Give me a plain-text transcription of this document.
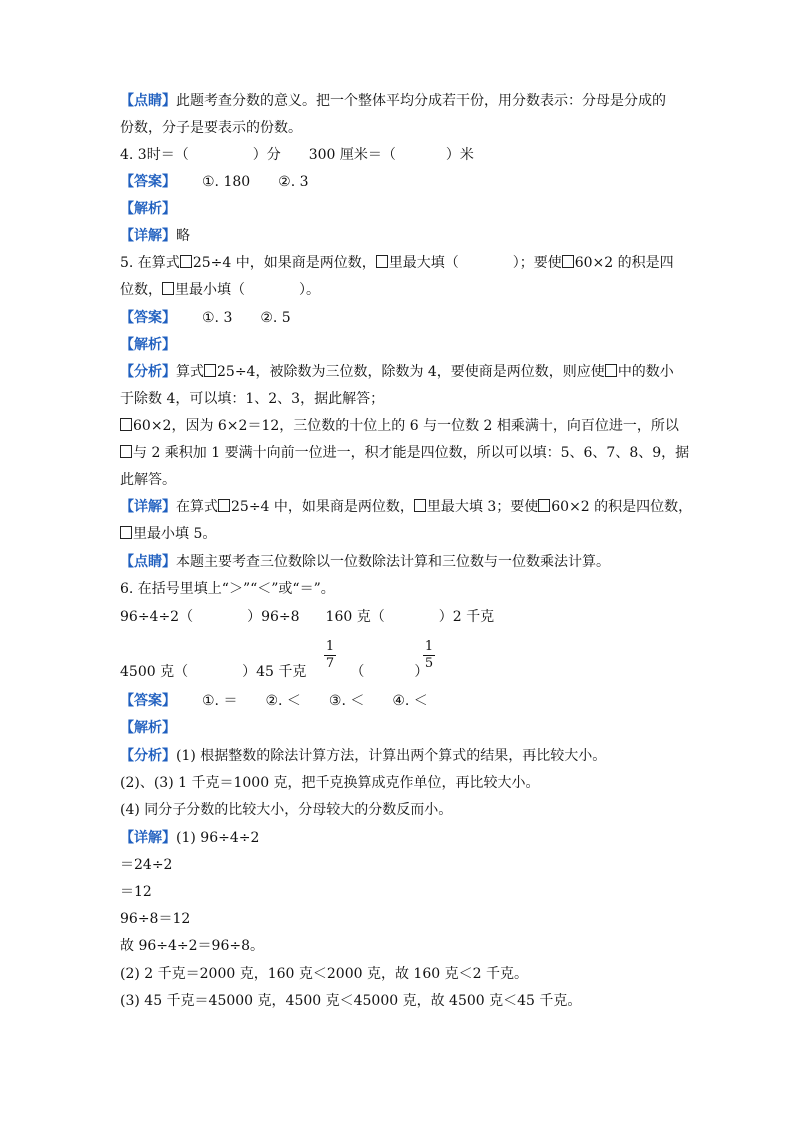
【点睛】此题考查分数的意义。把一个整体平均分成若干份，用分数表示：分母是分成的
份数，分子是要表示的份数。
4. 3时＝（	）分 300 厘米＝（	）米
【答案】 ①. 180　　②. 3
【解析】
【详解】略
5. 在算式 25÷4 中，如果商是两位数， 里最大填（	）；要使 60×2 的积是四
位数， 里最小填（	）。
【答案】 ①. 3　　②. 5
【解析】
【分析】算式 25÷4，被除数为三位数，除数为 4，要使商是两位数，则应使 中的数小
于除数 4，可以填：1、2、3，据此解答；
60×2，因为 6×2＝12，三位数的十位上的 6 与一位数 2 相乘满十，向百位进一，所以
与 2 乘积加 1 要满十向前一位进一，积才能是四位数，所以可以填：5、6、7、8、9，据
此解答。
【详解】在算式 25÷4 中，如果商是两位数， 里最大填 3；要使 60×2 的积是四位数，
里最小填 5。
【点睛】本题主要考查三位数除以一位数除法计算和三位数与一位数乘法计算。
6. 在括号里填上“＞”“＜”或“＝”。
96÷4÷2（	）96÷8 160 克（	）2 千克
4500 克（	）45 千克	（	）
1
7
1
5
【答案】 ①. ＝　　②. ＜　　③. ＜　　④. ＜
【解析】
【分析】(1) 根据整数的除法计算方法，计算出两个算式的结果，再比较大小。
(2)、(3) 1 千克＝1000 克，把千克换算成克作单位，再比较大小。
(4) 同分子分数的比较大小，分母较大的分数反而小。
【详解】(1) 96÷4÷2
＝24÷2
＝12
96÷8＝12
故 96÷4÷2＝96÷8。
(2) 2 千克＝2000 克，160 克＜2000 克，故 160 克＜2 千克。
(3) 45 千克＝45000 克，4500 克＜45000 克，故 4500 克＜45 千克。
